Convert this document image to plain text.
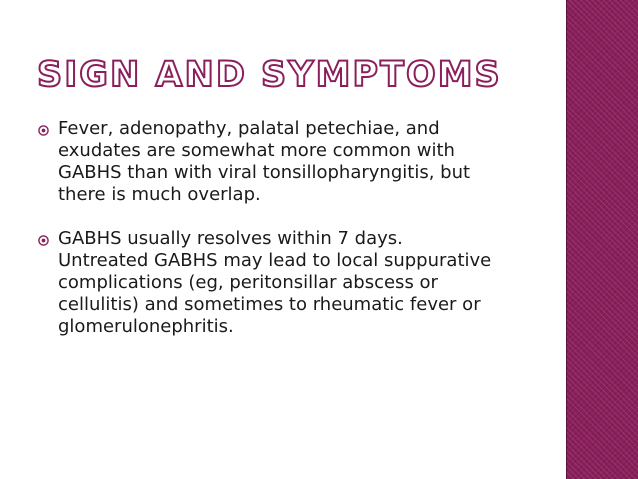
SIGN AND SYMPTOMS
Fever, adenopathy, palatal petechiae, and
exudates are somewhat more common with
GABHS than with viral tonsillopharyngitis, but
there is much overlap.
GABHS usually resolves within 7 days.
Untreated GABHS may lead to local suppurative
complications (eg, peritonsillar abscess or
cellulitis) and sometimes to rheumatic fever or
glomerulonephritis.
